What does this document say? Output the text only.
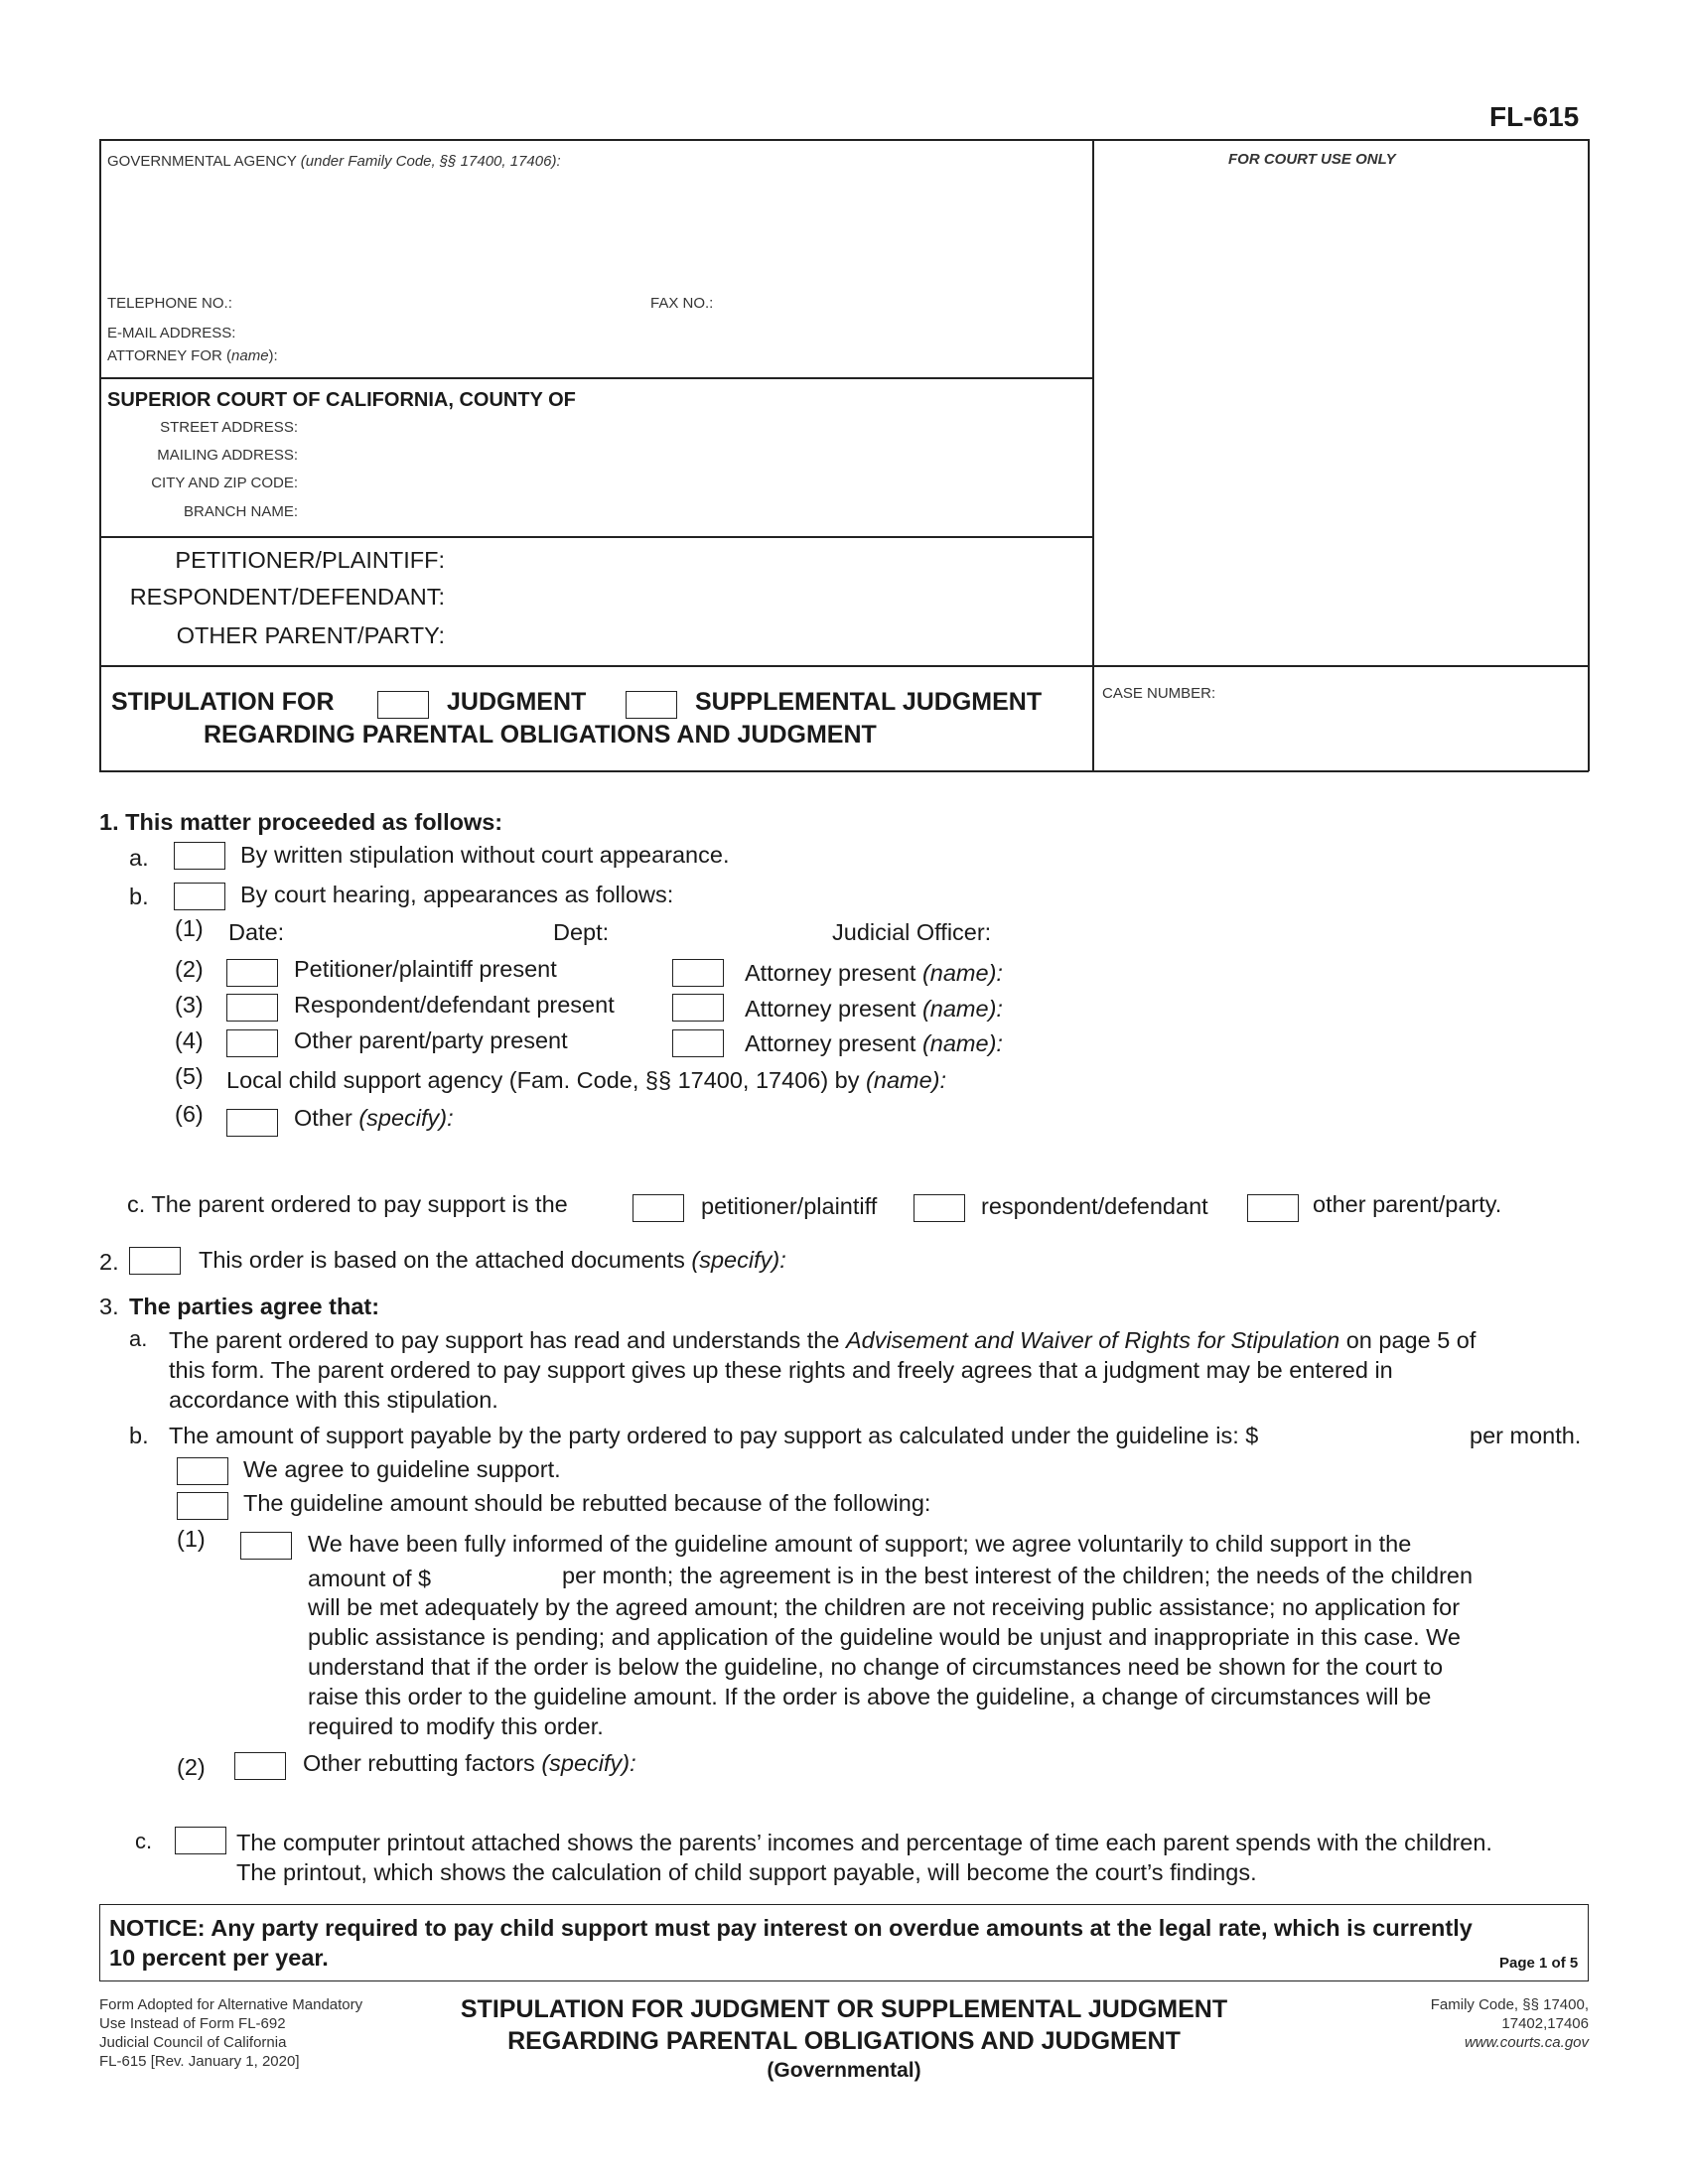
FL-615
GOVERNMENTAL AGENCY (under Family Code, §§ 17400, 17406):	FOR COURT USE ONLY
TELEPHONE NO.:	FAX NO.:
E-MAIL ADDRESS:
ATTORNEY FOR (name):
SUPERIOR COURT OF CALIFORNIA, COUNTY OF
STREET ADDRESS:
MAILING ADDRESS:
CITY AND ZIP CODE:
BRANCH NAME:
PETITIONER/PLAINTIFF:
RESPONDENT/DEFENDANT:
OTHER PARENT/PARTY:
STIPULATION FOR	JUDGMENT	SUPPLEMENTAL JUDGMENT
REGARDING PARENTAL OBLIGATIONS AND JUDGMENT
CASE NUMBER:
1. This matter proceeded as follows:
a.	By written stipulation without court appearance.
b.	By court hearing, appearances as follows:
(1) Date:	Dept:	Judicial Officer:
(2)	Petitioner/plaintiff present	Attorney present (name):
(3)	Respondent/defendant present	Attorney present (name):
(4)	Other parent/party present	Attorney present (name):
(5) Local child support agency (Fam. Code, §§ 17400, 17406) by (name):
(6)	Other (specify):
c. The parent ordered to pay support is the	petitioner/plaintiff	respondent/defendant	other parent/party.
2.	This order is based on the attached documents (specify):
3. The parties agree that:
a. The parent ordered to pay support has read and understands the Advisement and Waiver of Rights for Stipulation on page 5 of
this form. The parent ordered to pay support gives up these rights and freely agrees that a judgment may be entered in
accordance with this stipulation.
b. The amount of support payable by the party ordered to pay support as calculated under the guideline is: $	per month.
We agree to guideline support.
The guideline amount should be rebutted because of the following:
(1)	We have been fully informed of the guideline amount of support; we agree voluntarily to child support in the
amount of $	per month; the agreement is in the best interest of the children; the needs of the children
will be met adequately by the agreed amount; the children are not receiving public assistance; no application for
public assistance is pending; and application of the guideline would be unjust and inappropriate in this case. We
understand that if the order is below the guideline, no change of circumstances need be shown for the court to
raise this order to the guideline amount. If the order is above the guideline, a change of circumstances will be
required to modify this order.
(2)	Other rebutting factors (specify):
c.	The computer printout attached shows the parents’ incomes and percentage of time each parent spends with the children.
The printout, which shows the calculation of child support payable, will become the court’s findings.
NOTICE: Any party required to pay child support must pay interest on overdue amounts at the legal rate, which is currently
10 percent per year.	Page 1 of 5
Form Adopted for Alternative Mandatory
Use Instead of Form FL-692
Judicial Council of California
FL-615 [Rev. January 1, 2020]
STIPULATION FOR JUDGMENT OR SUPPLEMENTAL JUDGMENT
REGARDING PARENTAL OBLIGATIONS AND JUDGMENT
(Governmental)
Family Code, §§ 17400,
17402,17406
www.courts.ca.gov
